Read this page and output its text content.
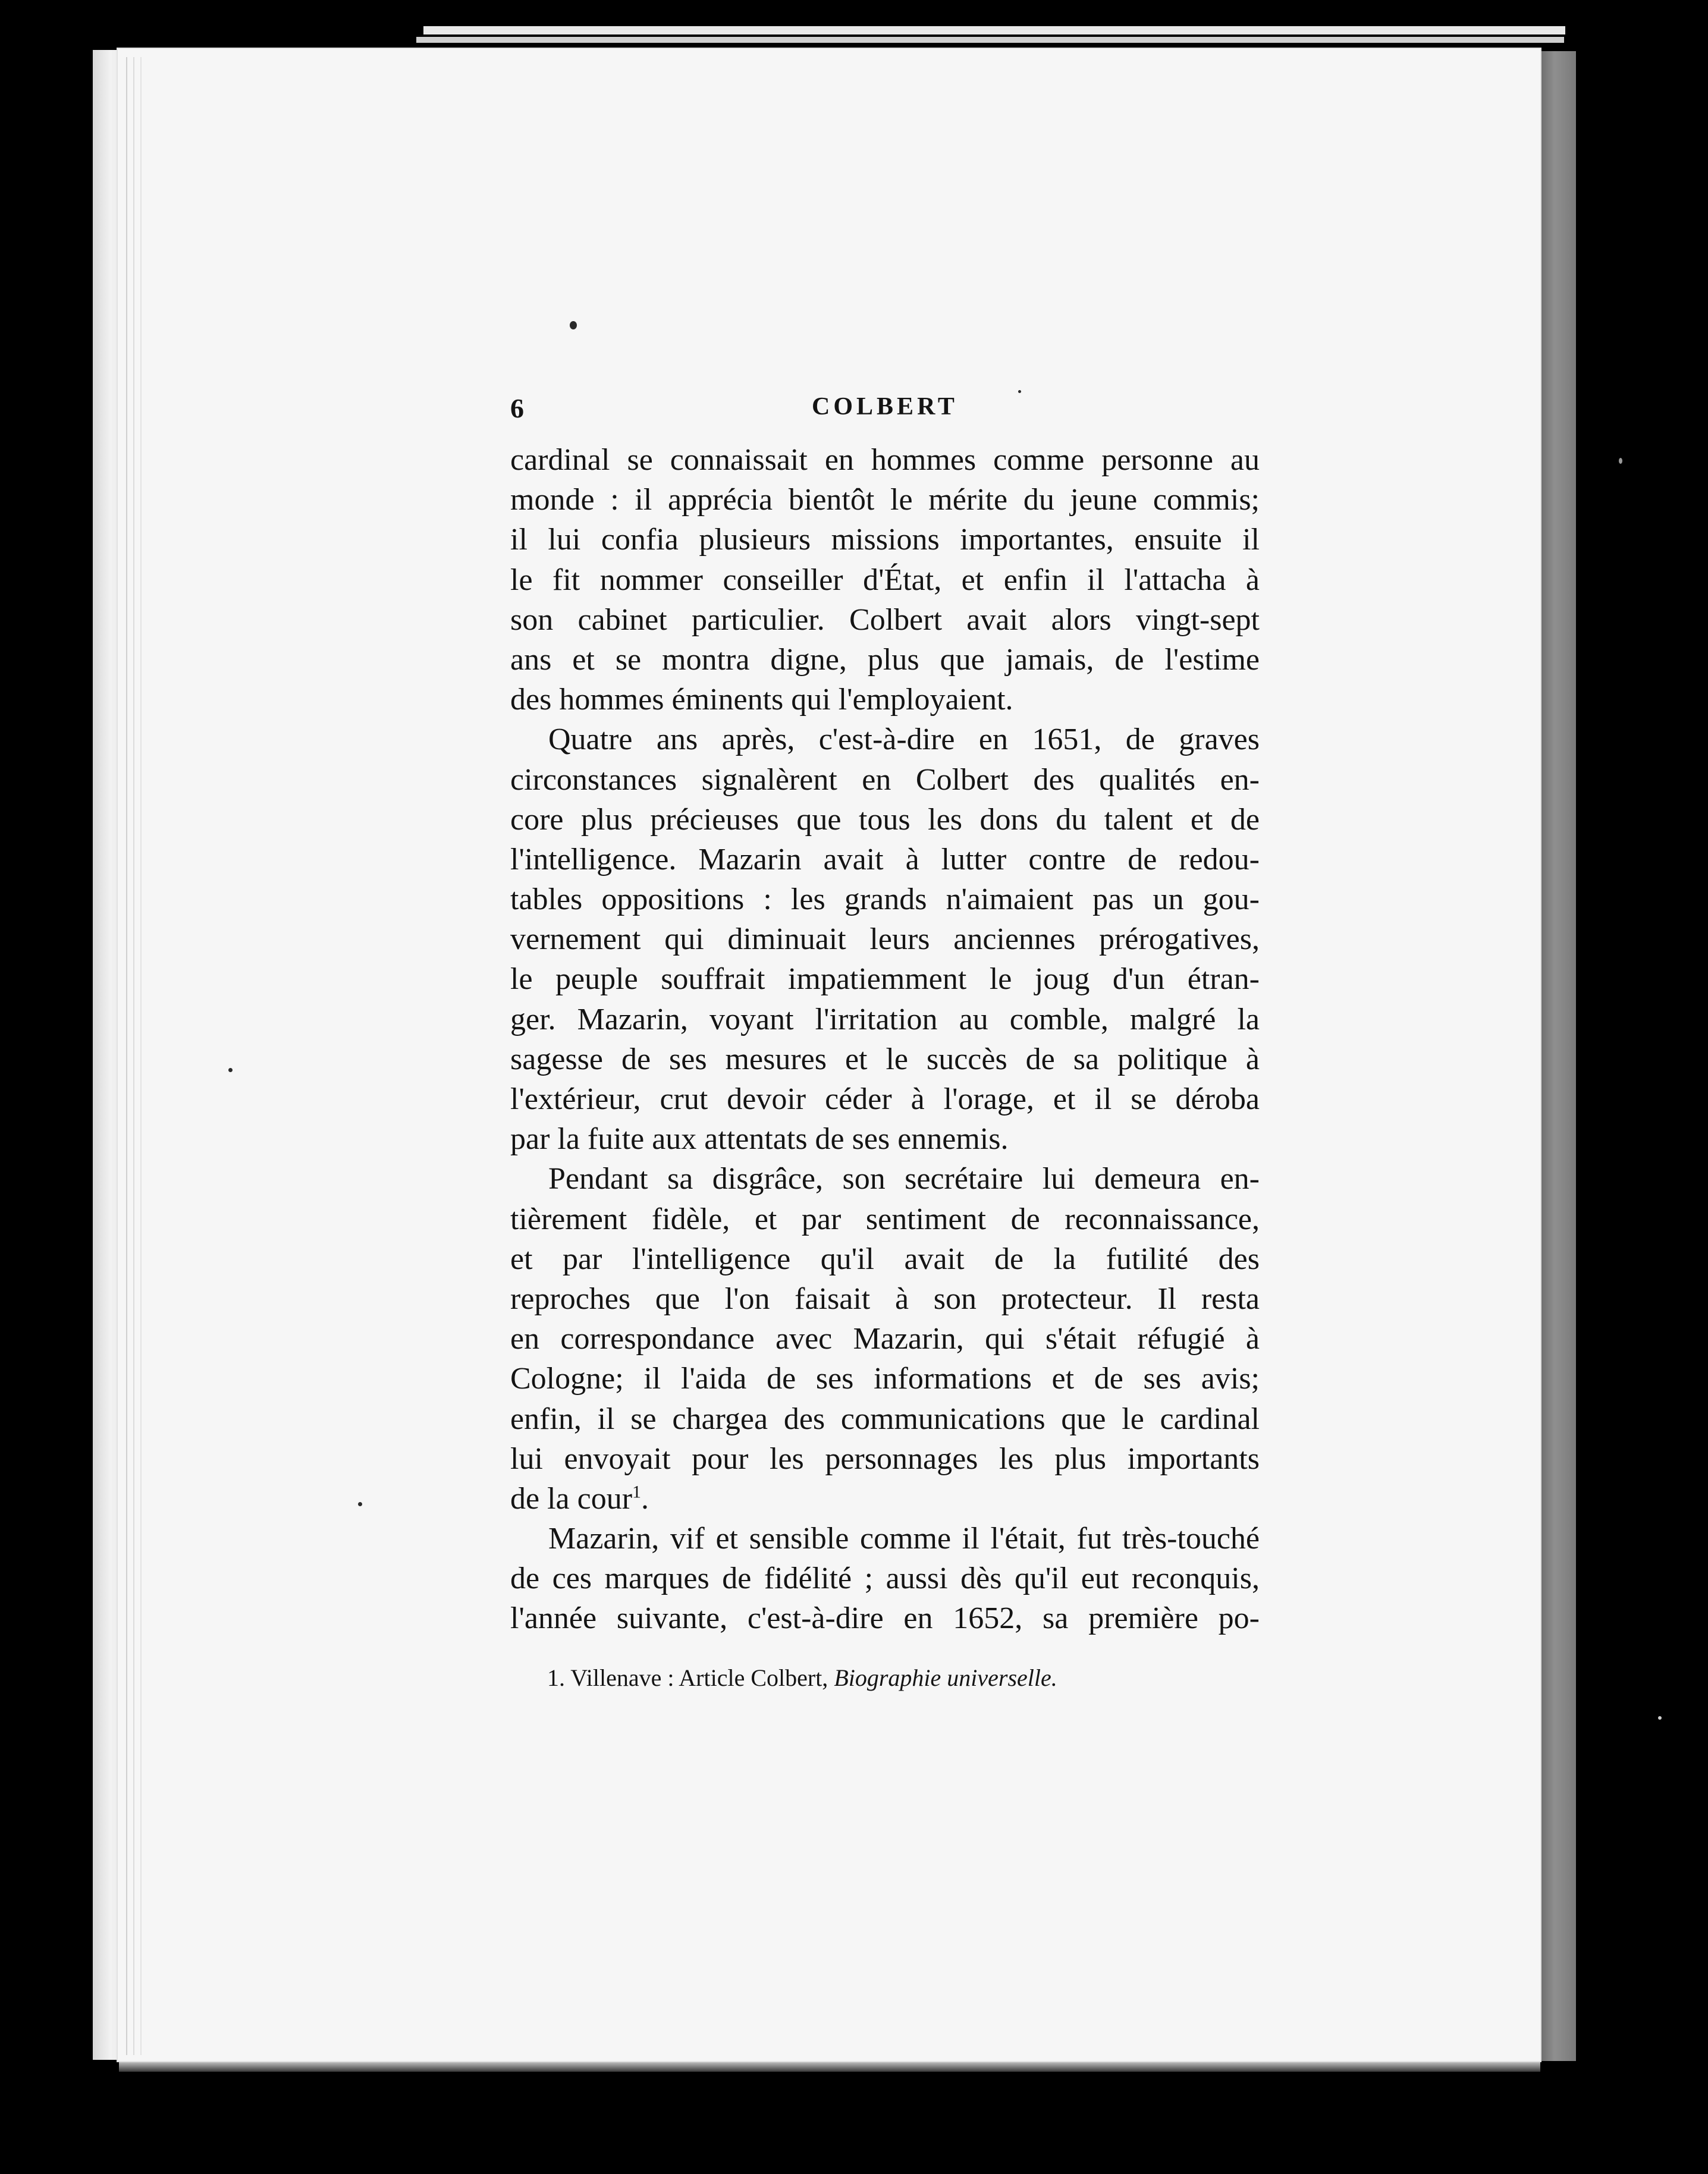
6	COLBERT
cardinal se connaissait en hommes comme personne au
monde : il apprécia bientôt le mérite du jeune commis;
il lui confia plusieurs missions importantes, ensuite il
le fit nommer conseiller d'État, et enfin il l'attacha à
son cabinet particulier. Colbert avait alors vingt-sept
ans et se montra digne, plus que jamais, de l'estime
des hommes éminents qui l'employaient.
Quatre ans après, c'est-à-dire en 1651, de graves
circonstances signalèrent en Colbert des qualités en-
core plus précieuses que tous les dons du talent et de
l'intelligence. Mazarin avait à lutter contre de redou-
tables oppositions : les grands n'aimaient pas un gou-
vernement qui diminuait leurs anciennes prérogatives,
le peuple souffrait impatiemment le joug d'un étran-
ger. Mazarin, voyant l'irritation au comble, malgré la
sagesse de ses mesures et le succès de sa politique à
l'extérieur, crut devoir céder à l'orage, et il se déroba
par la fuite aux attentats de ses ennemis.
Pendant sa disgrâce, son secrétaire lui demeura en-
tièrement fidèle, et par sentiment de reconnaissance,
et par l'intelligence qu'il avait de la futilité des
reproches que l'on faisait à son protecteur. Il resta
en correspondance avec Mazarin, qui s'était réfugié à
Cologne; il l'aida de ses informations et de ses avis;
enfin, il se chargea des communications que le cardinal
lui envoyait pour les personnages les plus importants
de la cour$^1$.
Mazarin, vif et sensible comme il l'était, fut très-touché
de ces marques de fidélité ; aussi dès qu'il eut reconquis,
l'année suivante, c'est-à-dire en 1652, sa première po-
1. Villenave : Article Colbert, Biographie universelle.
